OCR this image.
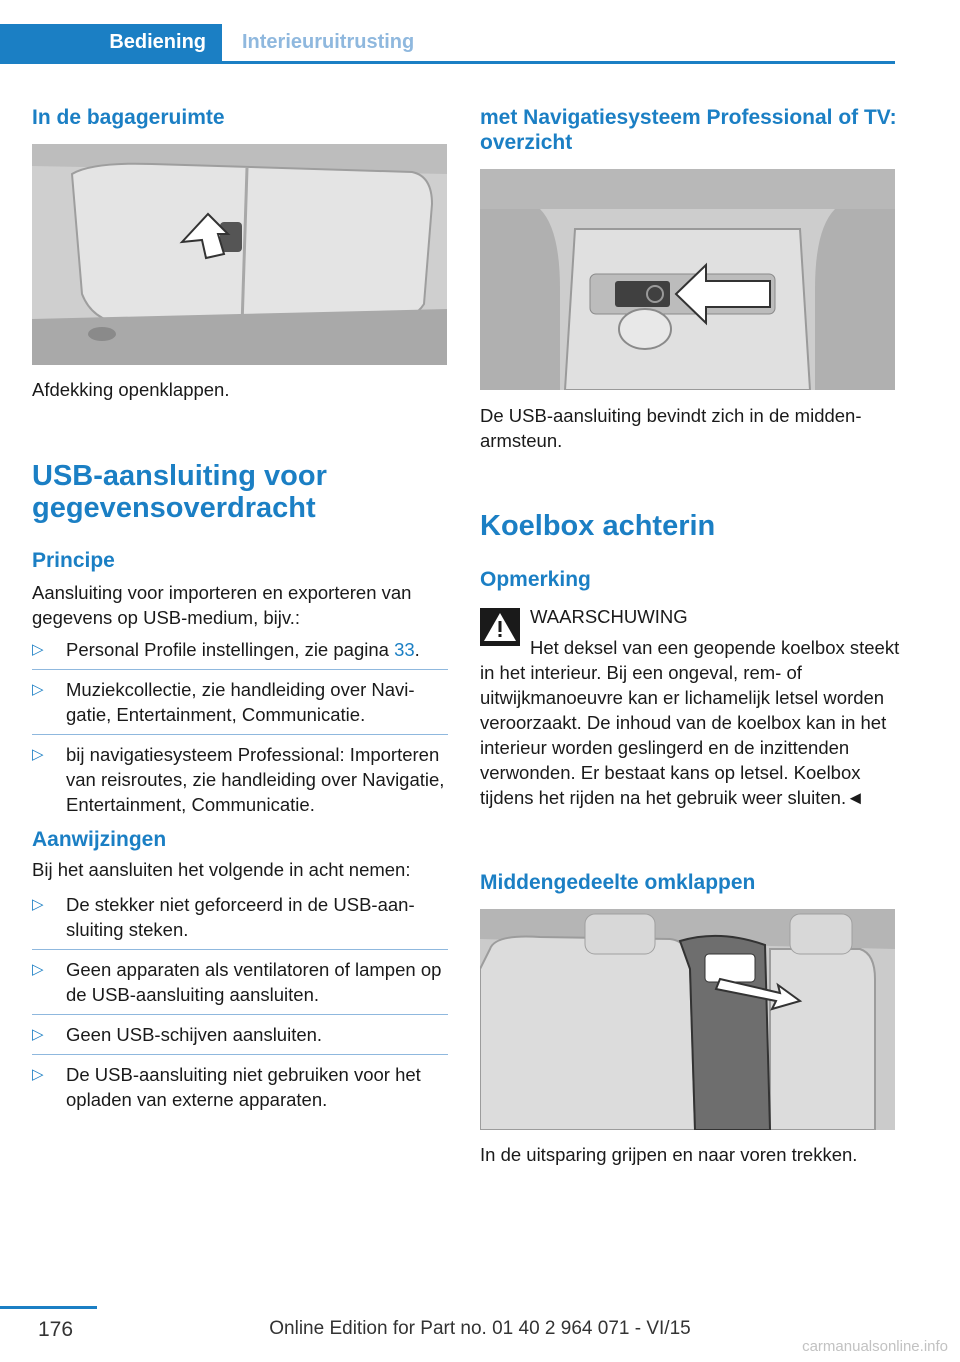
Bediening Interieuruitrusting
In de bagageruimte

Afdekking openklappen.

USB-aansluiting voor gegevensoverdracht
Principe

Aansluiting voor importeren en exporteren van gegevens op USB-medium, bijv.:

▷ Personal Profile instellingen, zie pagina 33.
▷ Muziekcollectie, zie handleiding over Navigatie, Entertainment, Communicatie.
▷ bij navigatiesysteem Professional: Importeren van reisroutes, zie handleiding over Navigatie, Entertainment, Communicatie.
Aanwijzingen

Bij het aansluiten het volgende in acht nemen:

▷ De stekker niet geforceerd in de USB-aansluiting steken.
▷ Geen apparaten als ventilatoren of lampen op de USB-aansluiting aansluiten.
▷ Geen USB-schijven aansluiten.
▷ De USB-aansluiting niet gebruiken voor het opladen van externe apparaten.
met Navigatiesysteem Professional of TV: overzicht

De USB-aansluiting bevindt zich in de middenarmsteun.

Koelbox achterin
Opmerking

WAARSCHUWING

Het deksel van een geopende koelbox steekt in het interieur. Bij een ongeval, rem- of uitwijkmanoeuvre kan er lichamelijk letsel worden veroorzaakt. De inhoud van de koelbox kan in het interieur worden geslingerd en de inzittenden verwonden. Er bestaat kans op letsel. Koelbox tijdens het rijden na het gebruik weer sluiten.◄

Middengedeelte omklappen

In de uitsparing grijpen en naar voren trekken.

176	Online Edition for Part no. 01 40 2 964 071 - VI/15
carmanualsonline.info
